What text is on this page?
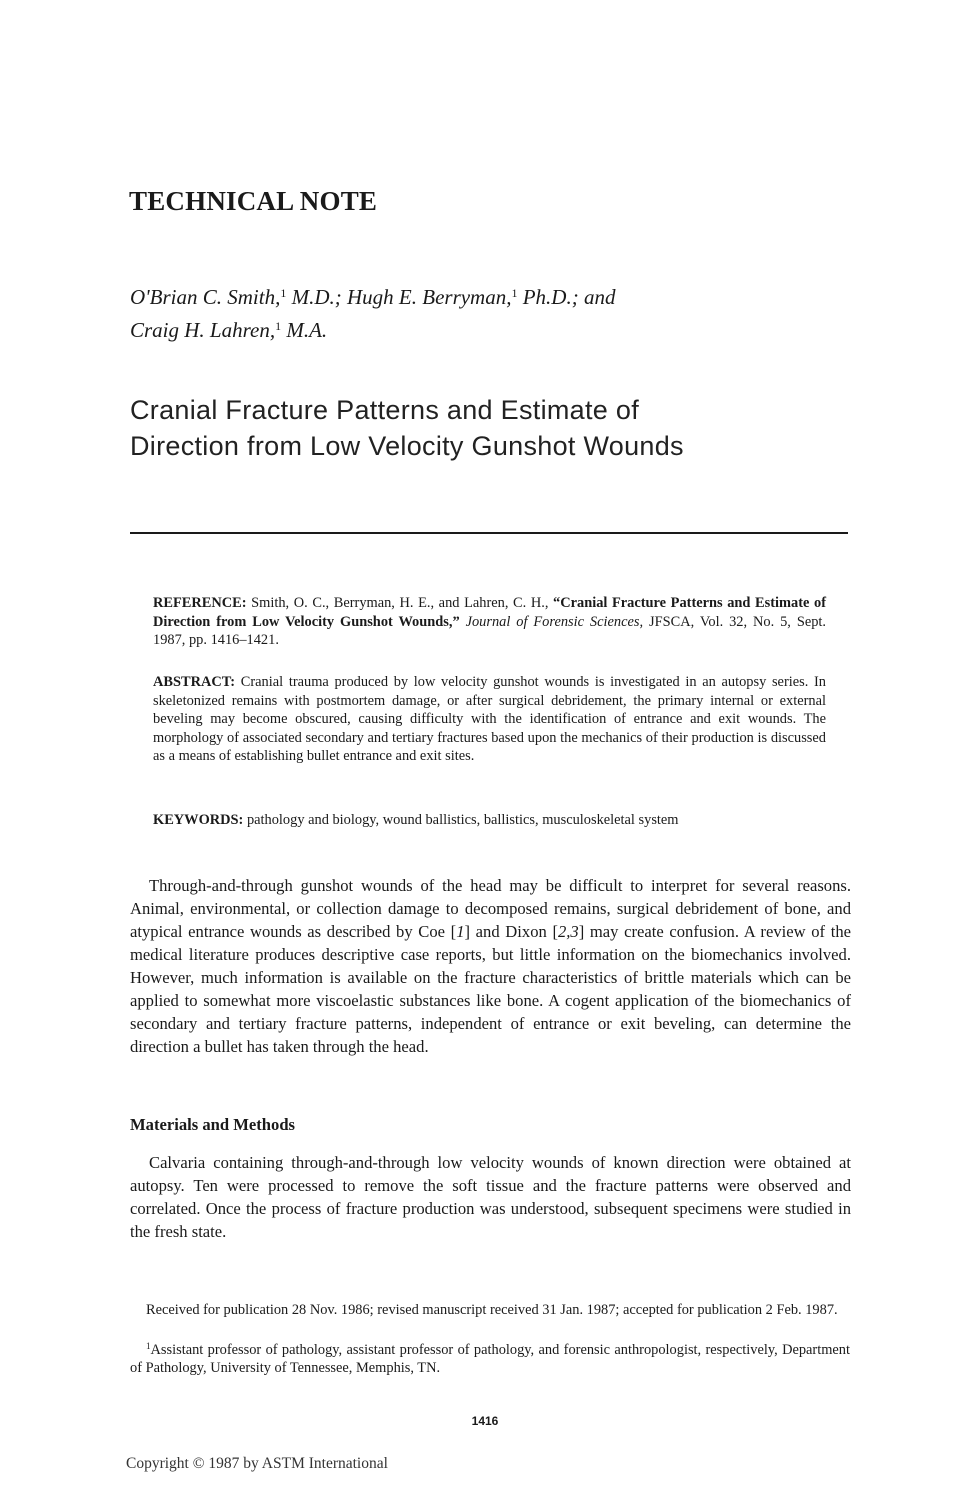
TECHNICAL NOTE
O'Brian C. Smith,$^1$ M.D.; Hugh E. Berryman,$^1$ Ph.D.; and
Craig H. Lahren,$^1$ M.A.
Cranial Fracture Patterns and Estimate of
Direction from Low Velocity Gunshot Wounds
REFERENCE: Smith, O. C., Berryman, H. E., and Lahren, C. H., “Cranial Fracture Patterns and Estimate of Direction from Low Velocity Gunshot Wounds,” Journal of Forensic Sciences, JFSCA, Vol. 32, No. 5, Sept. 1987, pp. 1416–1421.
ABSTRACT: Cranial trauma produced by low velocity gunshot wounds is investigated in an autopsy series. In skeletonized remains with postmortem damage, or after surgical debridement, the primary internal or external beveling may become obscured, causing difficulty with the identification of entrance and exit wounds. The morphology of associated secondary and tertiary fractures based upon the mechanics of their production is discussed as a means of establishing bullet entrance and exit sites.
KEYWORDS: pathology and biology, wound ballistics, ballistics, musculoskeletal system
Through-and-through gunshot wounds of the head may be difficult to interpret for several reasons. Animal, environmental, or collection damage to decomposed remains, surgical debridement of bone, and atypical entrance wounds as described by Coe [1] and Dixon [2,3] may create confusion. A review of the medical literature produces descriptive case reports, but little information on the biomechanics involved. However, much information is available on the fracture characteristics of brittle materials which can be applied to somewhat more viscoelastic substances like bone. A cogent application of the biomechanics of secondary and tertiary fracture patterns, independent of entrance or exit beveling, can determine the direction a bullet has taken through the head.
Materials and Methods
Calvaria containing through-and-through low velocity wounds of known direction were obtained at autopsy. Ten were processed to remove the soft tissue and the fracture patterns were observed and correlated. Once the process of fracture production was understood, subsequent specimens were studied in the fresh state.
Received for publication 28 Nov. 1986; revised manuscript received 31 Jan. 1987; accepted for publication 2 Feb. 1987.
$^1$Assistant professor of pathology, assistant professor of pathology, and forensic anthropologist, respectively, Department of Pathology, University of Tennessee, Memphis, TN.
1416
Copyright © 1987 by ASTM International
